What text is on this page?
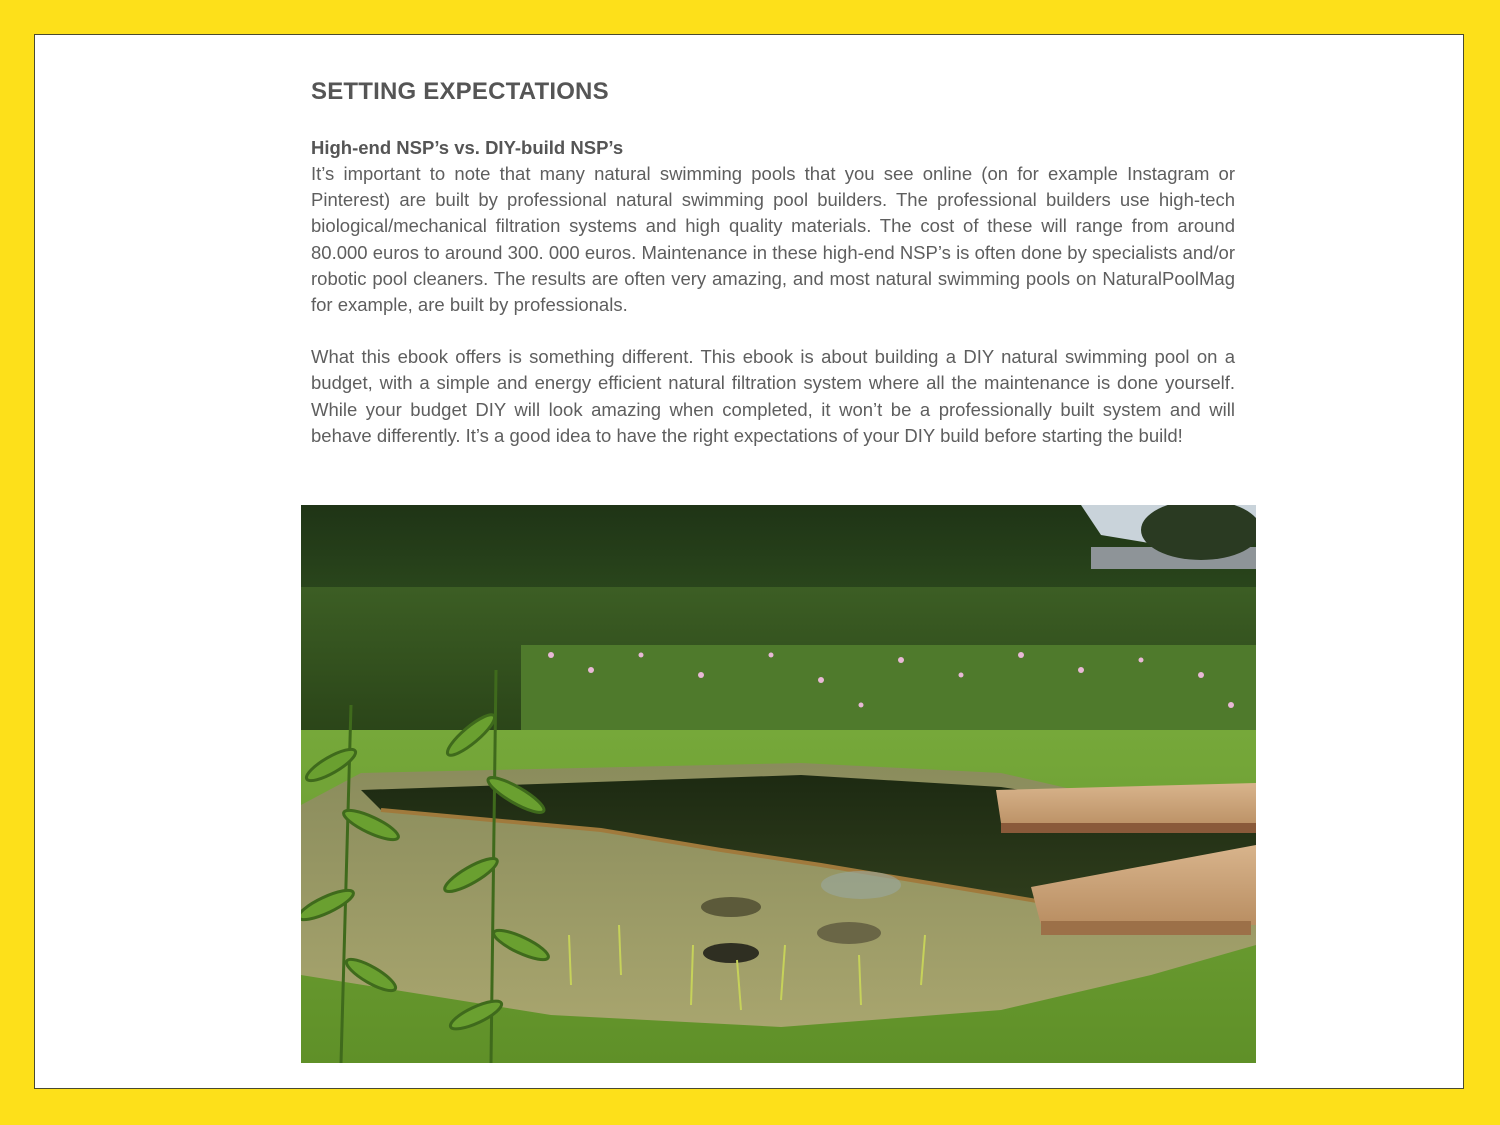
SETTING EXPECTATIONS
High-end NSP’s vs. DIY-build NSP’s

It’s important to note that many natural swimming pools that you see online (on for example Instagram or Pinterest) are built by professional natural swimming pool builders. The professional builders use high-tech biological/mechanical filtration systems and high quality materials. The cost of these will range from around 80.000 euros to around 300. 000 euros. Maintenance in these high-end NSP’s is often done by specialists and/or robotic pool cleaners. The results are often very amazing, and most natural swimming pools on NaturalPoolMag for example, are built by professionals.

What this ebook offers is something different. This ebook is about building a DIY natural swimming pool on a budget, with a simple and energy efficient natural filtration system where all the maintenance is done yourself. While your budget DIY will look amazing when completed, it won’t be a professionally built system and will behave differently. It’s a good idea to have the right expectations of your DIY build before starting the build!
